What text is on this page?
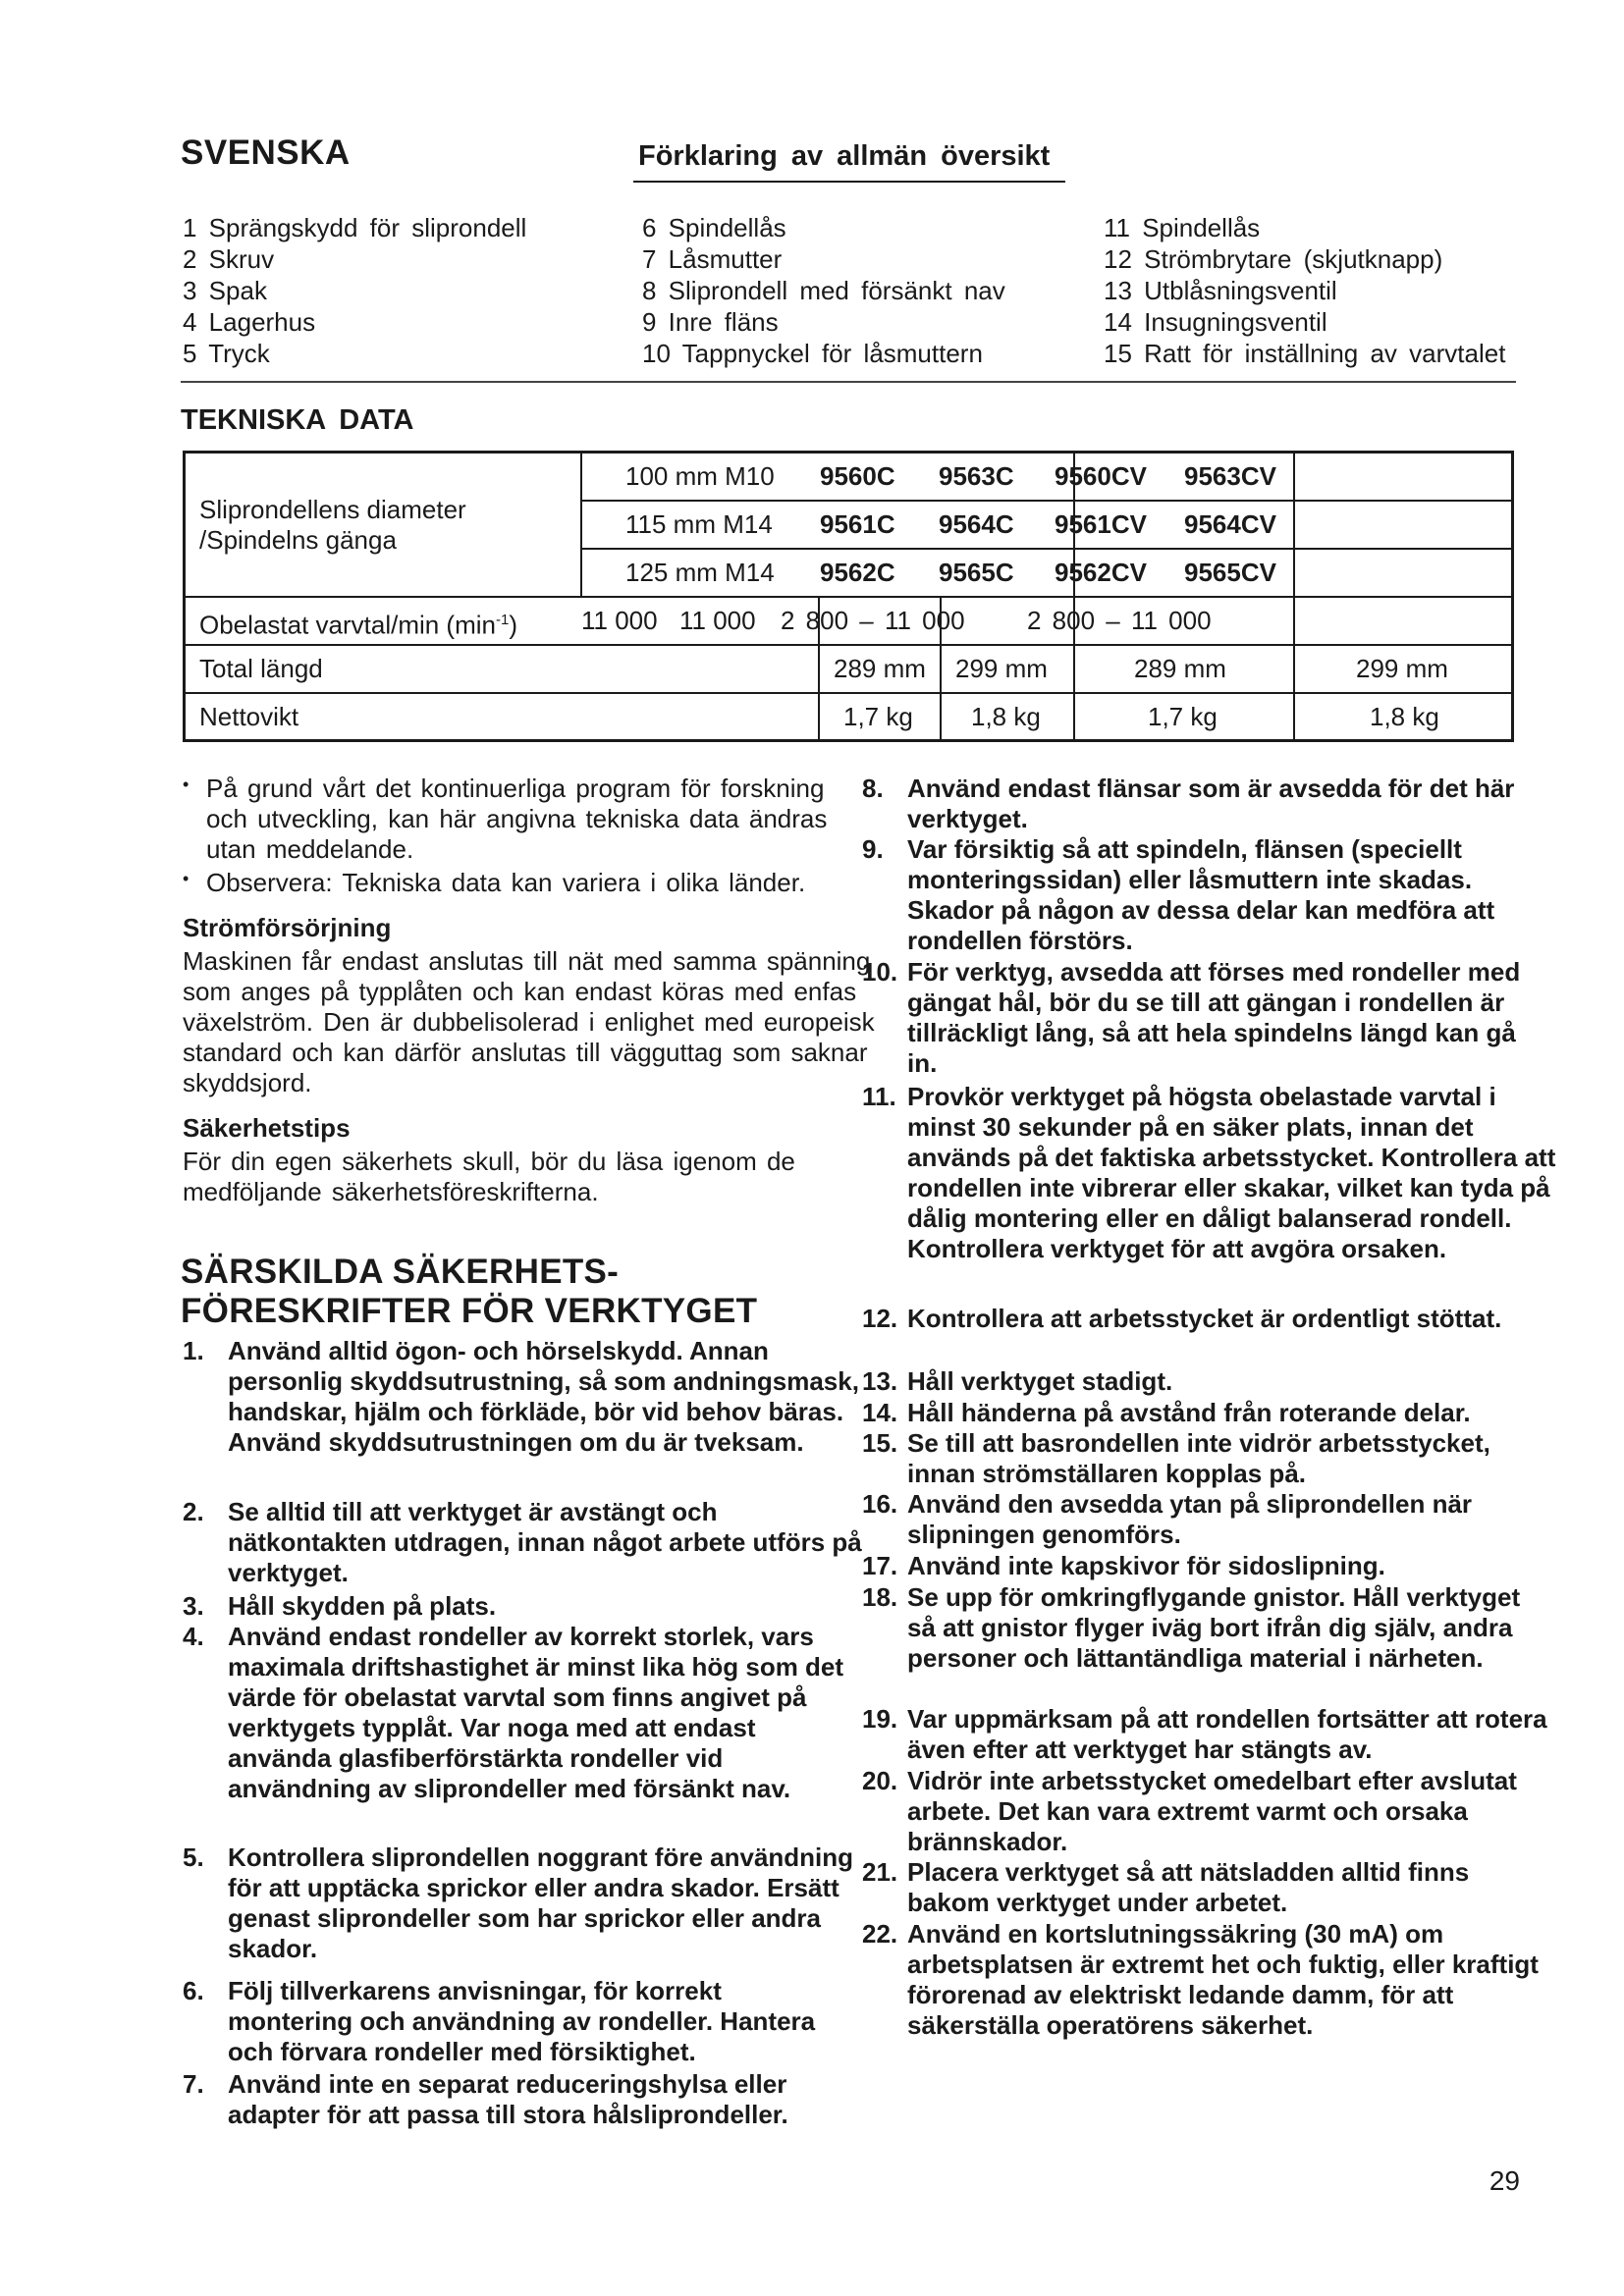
SVENSKA	Förklaring av allmän översikt
1 Sprängskydd för sliprondell
2 Skruv
3 Spak
4 Lagerhus
5 Tryck
6 Spindellås
7 Låsmutter
8 Sliprondell med försänkt nav
9 Inre fläns
10 Tappnyckel för låsmuttern
11 Spindellås
12 Strömbrytare (skjutknapp)
13 Utblåsningsventil
14 Insugningsventil
15 Ratt för inställning av varvtalet
TEKNISKA DATA
Sliprondellens diameter
/Spindelns gänga
100 mm M10 9560C 9563C 9560CV 9563CV
115 mm M14 9561C 9564C 9561CV 9564CV
125 mm M14 9562C 9565C 9562CV 9565CV
Obelastat varvtal/min $(\min^{-1})$	11 000 11 000 2 800 – 11 000 2 800 – 11 000
Total längd	289 mm 299 mm	289 mm	299 mm
Nettovikt	1,7 kg 1,8 kg	1,7 kg	1,8 kg
• På grund vårt det kontinuerliga program för forskning och utveckling, kan här angivna tekniska data ändras utan meddelande.
• Observera: Tekniska data kan variera i olika länder.
Strömförsörjning
Maskinen får endast anslutas till nät med samma spänning som anges på typplåten och kan endast köras med enfas växelström. Den är dubbelisolerad i enlighet med europeisk standard och kan därför anslutas till vägguttag som saknar skyddsjord.
Säkerhetstips
För din egen säkerhets skull, bör du läsa igenom de medföljande säkerhetsföreskrifterna.
SÄRSKILDA SÄKERHETS-
FÖRESKRIFTER FÖR VERKTYGET
1. Använd alltid ögon- och hörselskydd. Annan personlig skyddsutrustning, så som andningsmask, handskar, hjälm och förkläde, bör vid behov bäras. Använd skyddsutrustningen om du är tveksam.
2. Se alltid till att verktyget är avstängt och nätkontakten utdragen, innan något arbete utförs på verktyget.
3. Håll skydden på plats.
4. Använd endast rondeller av korrekt storlek, vars maximala driftshastighet är minst lika hög som det värde för obelastat varvtal som finns angivet på verktygets typplåt. Var noga med att endast använda glasfiberförstärkta rondeller vid användning av sliprondeller med försänkt nav.
5. Kontrollera sliprondellen noggrant före användning för att upptäcka sprickor eller andra skador. Ersätt genast sliprondeller som har sprickor eller andra skador.
6. Följ tillverkarens anvisningar, för korrekt montering och användning av rondeller. Hantera och förvara rondeller med försiktighet.
7. Använd inte en separat reduceringshylsa eller adapter för att passa till stora hålsliprondeller.
8. Använd endast flänsar som är avsedda för det här verktyget.
9. Var försiktig så att spindeln, flänsen (speciellt monteringssidan) eller låsmuttern inte skadas. Skador på någon av dessa delar kan medföra att rondellen förstörs.
10. För verktyg, avsedda att förses med rondeller med gängat hål, bör du se till att gängan i rondellen är tillräckligt lång, så att hela spindelns längd kan gå in.
11. Provkör verktyget på högsta obelastade varvtal i minst 30 sekunder på en säker plats, innan det används på det faktiska arbetsstycket. Kontrollera att rondellen inte vibrerar eller skakar, vilket kan tyda på dålig montering eller en dåligt balanserad rondell. Kontrollera verktyget för att avgöra orsaken.
12. Kontrollera att arbetsstycket är ordentligt stöttat.
13. Håll verktyget stadigt.
14. Håll händerna på avstånd från roterande delar.
15. Se till att basrondellen inte vidrör arbetsstycket, innan strömställaren kopplas på.
16. Använd den avsedda ytan på sliprondellen när slipningen genomförs.
17. Använd inte kapskivor för sidoslipning.
18. Se upp för omkringflygande gnistor. Håll verktyget så att gnistor flyger iväg bort ifrån dig själv, andra personer och lättantändliga material i närheten.
19. Var uppmärksam på att rondellen fortsätter att rotera även efter att verktyget har stängts av.
20. Vidrör inte arbetsstycket omedelbart efter avslutat arbete. Det kan vara extremt varmt och orsaka brännskador.
21. Placera verktyget så att nätsladden alltid finns bakom verktyget under arbetet.
22. Använd en kortslutningssäkring (30 mA) om arbetsplatsen är extremt het och fuktig, eller kraftigt förorenad av elektriskt ledande damm, för att säkerställa operatörens säkerhet.
29
